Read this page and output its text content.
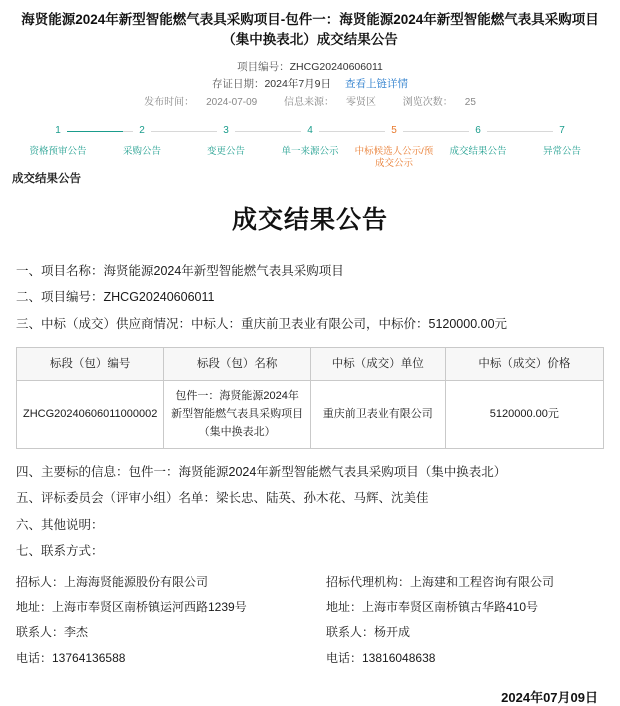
海贤能源2024年新型智能燃气表具采购项目-包件一：海贤能源2024年新型智能燃气表具采购项目（集中换表北）成交结果公告
项目编号：ZHCG20240606011
存证日期：2024年7月9日 查看上链详情
发布时间： 2024-07-09	信息来源： 零贤区	浏览次数： 25
1
资格预审公告
2
采购公告
3
变更公告
4
单一来源公示
5
中标候选人公示/预成交公示
6
成交结果公告
7
异常公告
成交结果公告
成交结果公告
一、项目名称：海贤能源2024年新型智能燃气表具采购项目
二、项目编号：ZHCG20240606011
三、中标（成交）供应商情况：中标人：重庆前卫表业有限公司，中标价：5120000.00元
标段（包）编号	标段（包）名称	中标（成交）单位	中标（成交）价格
ZHCG20240606011000002	包件一：海贤能源2024年新型智能燃气表具采购项目（集中换表北）	重庆前卫表业有限公司	5120000.00元
四、主要标的信息：包件一：海贤能源2024年新型智能燃气表具采购项目（集中换表北）
五、评标委员会（评审小组）名单：梁长忠、陆英、孙木花、马辉、沈美佳
六、其他说明：
七、联系方式：
招标人：上海海贤能源股份有限公司
地址：上海市奉贤区南桥镇运河西路1239号
联系人：李杰
电话：13764136588
招标代理机构：上海建和工程咨询有限公司
地址：上海市奉贤区南桥镇古华路410号
联系人：杨开成
电话：13816048638
2024年07月09日
